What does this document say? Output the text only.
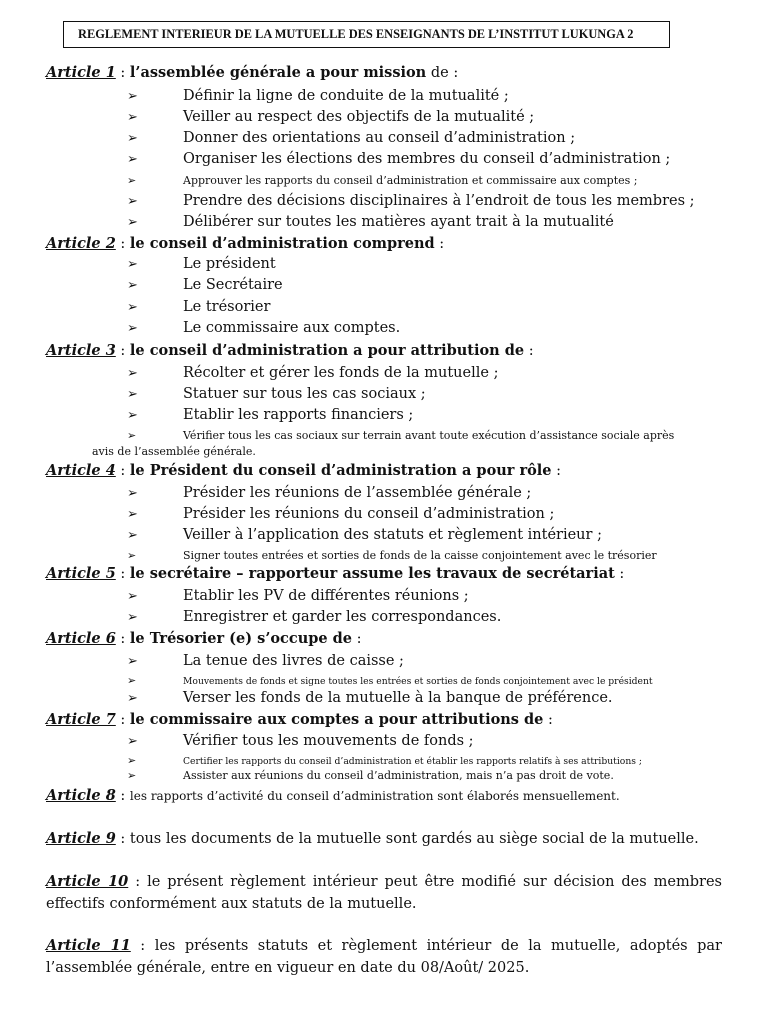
REGLEMENT INTERIEUR DE LA MUTUELLE DES ENSEIGNANTS DE L’INSTITUT LUKUNGA 2
Article 1 : l’assemblée générale a pour mission de :
➢	Définir la ligne de conduite de la mutualité ;
➢	Veiller au respect des objectifs de la mutualité ;
➢	Donner des orientations au conseil d’administration ;
➢	Organiser les élections des membres du conseil d’administration ;
➢	Approuver les rapports du conseil d’administration et commissaire aux comptes ;
➢	Prendre des décisions disciplinaires à l’endroit de tous les membres ;
➢	Délibérer sur toutes les matières ayant trait à la mutualité
Article 2 : le conseil d’administration comprend :
➢	Le président
➢	Le Secrétaire
➢	Le trésorier
➢	Le commissaire aux comptes.
Article 3 : le conseil d’administration a pour attribution de :
➢	Récolter et gérer les fonds de la mutuelle ;
➢	Statuer sur tous les cas sociaux ;
➢	Etablir les rapports financiers ;
➢	Vérifier tous les cas sociaux sur terrain avant toute exécution d’assistance sociale après
avis de l’assemblée générale.
Article 4 : le Président du conseil d’administration a pour rôle :
➢	Présider les réunions de l’assemblée générale ;
➢	Présider les réunions du conseil d’administration ;
➢	Veiller à l’application des statuts et règlement intérieur ;
➢	Signer toutes entrées et sorties de fonds de la caisse conjointement avec le trésorier
Article 5 : le secrétaire – rapporteur assume les travaux de secrétariat :
➢	Etablir les PV de différentes réunions ;
➢	Enregistrer et garder les correspondances.
Article 6 : le Trésorier (e) s’occupe de :
➢	La tenue des livres de caisse ;
➢	Mouvements de fonds et signe toutes les entrées et sorties de fonds conjointement avec le président
➢	Verser les fonds de la mutuelle à la banque de préférence.
Article 7 : le commissaire aux comptes a pour attributions de :
➢	Vérifier tous les mouvements de fonds ;
➢	Certifier les rapports du conseil d’administration et établir les rapports relatifs à ses attributions ;
➢	Assister aux réunions du conseil d’administration, mais n’a pas droit de vote.
Article 8 : les rapports d’activité du conseil d’administration sont élaborés mensuellement.
Article 9 : tous les documents de la mutuelle sont gardés au siège social de la mutuelle.
Article 10 : le présent règlement intérieur peut être modifié sur décision des membres
effectifs conformément aux statuts de la mutuelle.
Article 11 : les présents statuts et règlement intérieur de la mutuelle, adoptés par
l’assemblée générale, entre en vigueur en date du 08/Août/ 2025.
